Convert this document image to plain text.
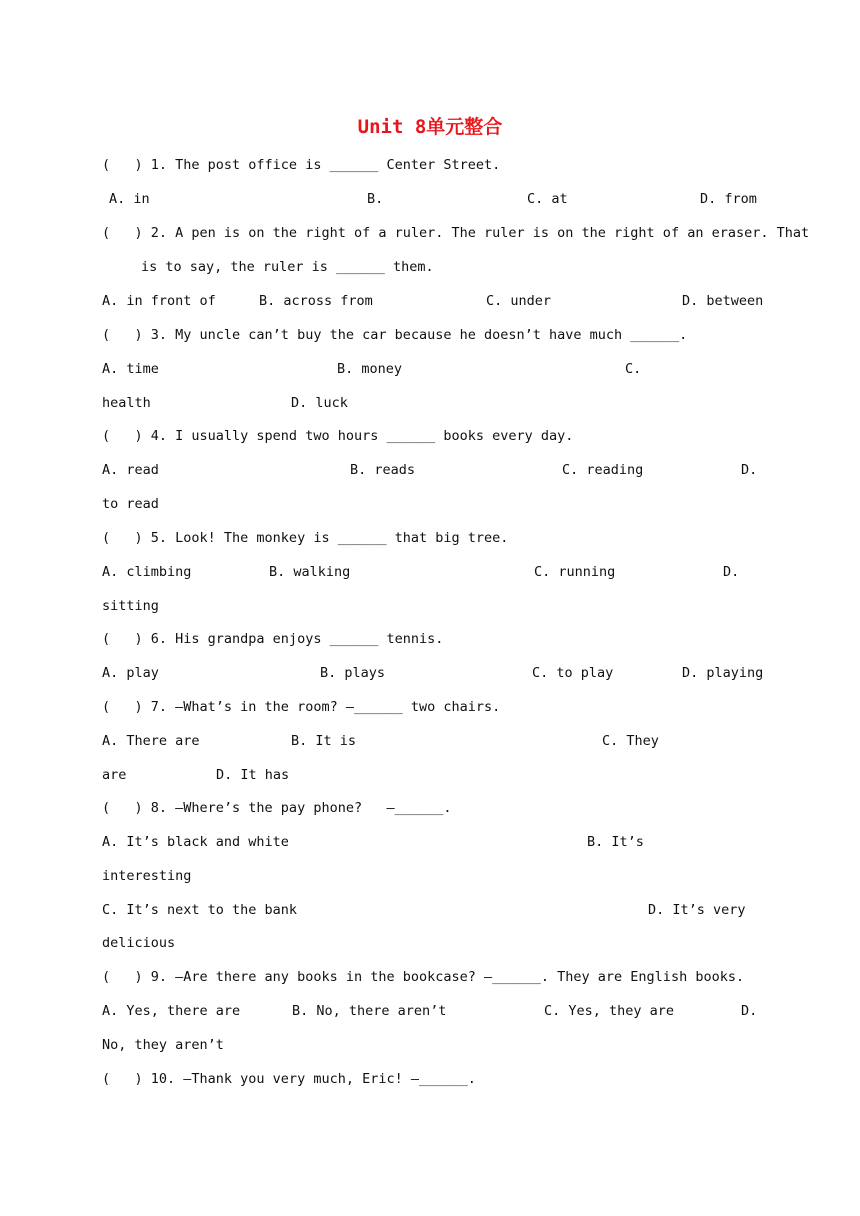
Unit 8单元整合
(   ) 1. The post office is ______ Center Street.
A. in	B.	C. at	D. from
(   ) 2. A pen is on the right of a ruler. The ruler is on the right of an eraser. That
is to say, the ruler is ______ them.
A. in front of	B. across from	C. under	D. between
(   ) 3. My uncle can’t buy the car because he doesn’t have much ______.
A. time	B. money	C.
health	D. luck
(   ) 4. I usually spend two hours ______ books every day.
A. read	B. reads	C. reading	D.
to read
(   ) 5. Look! The monkey is ______ that big tree.
A. climbing	B. walking	C. running	D.
sitting
(   ) 6. His grandpa enjoys ______ tennis.
A. play	B. plays	C. to play	D. playing
(   ) 7. —What’s in the room? —______ two chairs.
A. There are	B. It is	C. They
are	D. It has
(   ) 8. —Where’s the pay phone?   —______.
A. It’s black and white	B. It’s
interesting
C. It’s next to the bank	D. It’s very
delicious
(   ) 9. —Are there any books in the bookcase? —______. They are English books.
A. Yes, there are	B. No, there aren’t	C. Yes, they are	D.
No, they aren’t
(   ) 10. —Thank you very much, Eric! —______.
